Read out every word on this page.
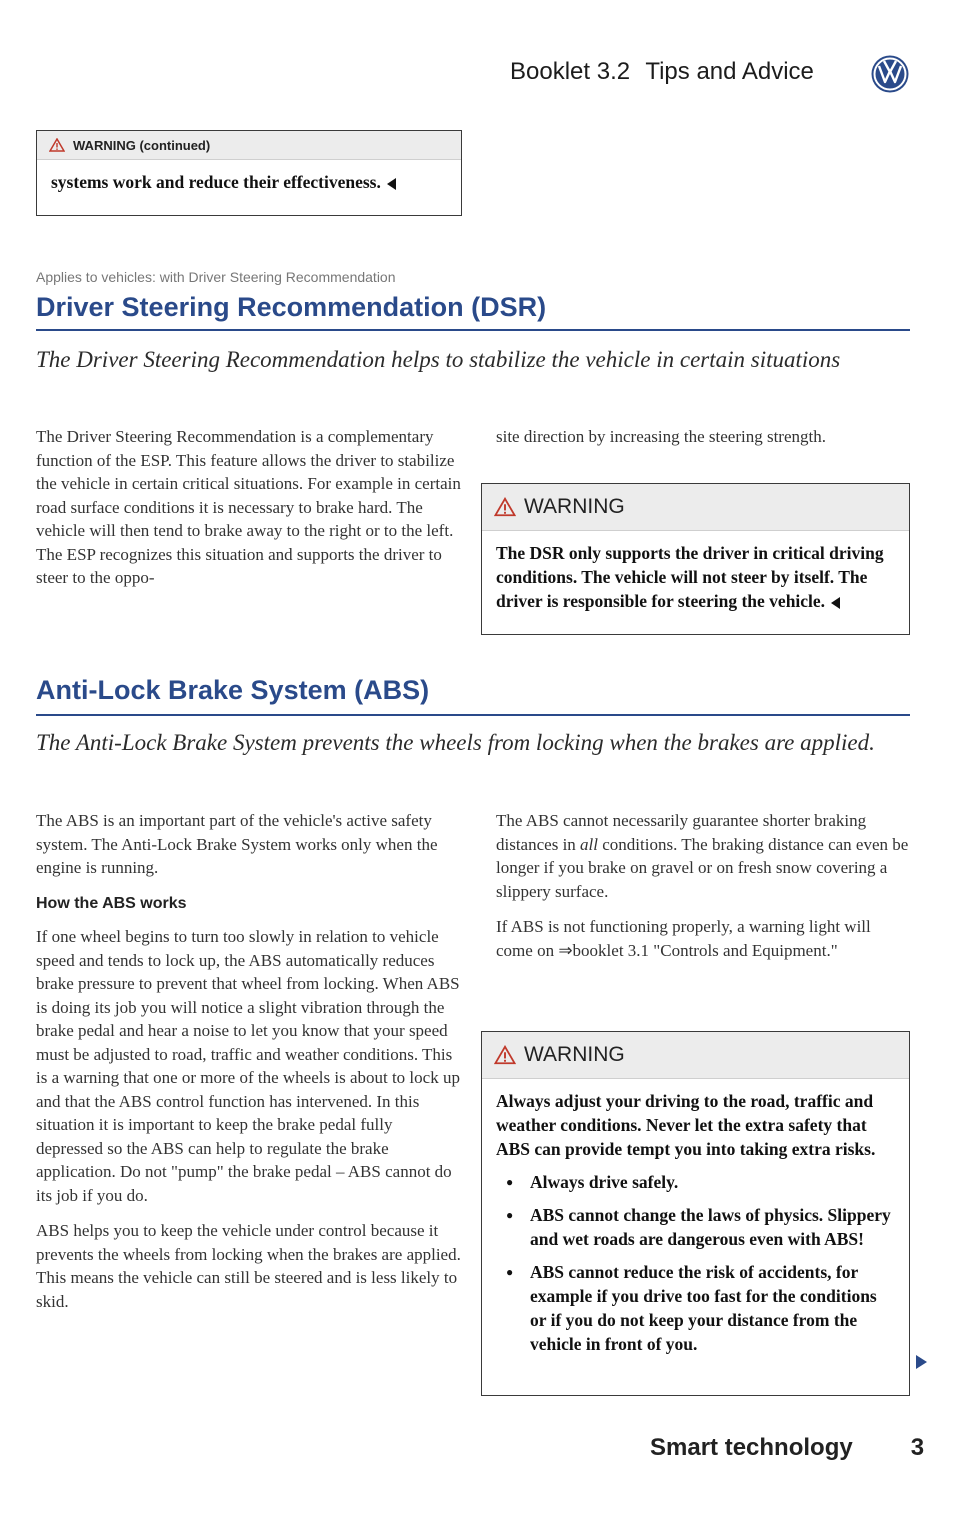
Booklet 3.2 Tips and Advice
WARNING (continued)
systems work and reduce their effectiveness.
Applies to vehicles: with Driver Steering Recommendation
Driver Steering Recommendation (DSR)
The Driver Steering Recommendation helps to stabilize the vehicle in certain situations

The Driver Steering Recommendation is a complementary function of the ESP. This feature allows the driver to stabilize the vehicle in certain critical situations. For example in certain road surface conditions it is necessary to brake hard. The vehicle will then tend to brake away to the right or to the left. The ESP recognizes this situation and supports the driver to steer to the oppo-

site direction by increasing the steering strength.

WARNING
The DSR only supports the driver in critical driving conditions. The vehicle will not steer by itself. The driver is responsible for steering the vehicle.
Anti-Lock Brake System (ABS)
The Anti-Lock Brake System prevents the wheels from locking when the brakes are applied.

The ABS is an important part of the vehicle's active safety system. The Anti-Lock Brake System works only when the engine is running.

How the ABS works

If one wheel begins to turn too slowly in relation to vehicle speed and tends to lock up, the ABS automatically reduces brake pressure to prevent that wheel from locking. When ABS is doing its job you will notice a slight vibration through the brake pedal and hear a noise to let you know that your speed must be adjusted to road, traffic and weather conditions. This is a warning that one or more of the wheels is about to lock up and that the ABS control function has intervened. In this situation it is important to keep the brake pedal fully depressed so the ABS can help to regulate the brake application. Do not "pump" the brake pedal – ABS cannot do its job if you do.

ABS helps you to keep the vehicle under control because it prevents the wheels from locking when the brakes are applied. This means the vehicle can still be steered and is less likely to skid.

The ABS cannot necessarily guarantee shorter braking distances in all conditions. The braking distance can even be longer if you brake on gravel or on fresh snow covering a slippery surface.

If ABS is not functioning properly, a warning light will come on ⇒booklet 3.1 "Controls and Equipment."

WARNING

Always adjust your driving to the road, traffic and weather conditions. Never let the extra safety that ABS can provide tempt you into taking extra risks.

● Always drive safely.
● ABS cannot change the laws of physics. Slippery and wet roads are dangerous even with ABS!
● ABS cannot reduce the risk of accidents, for example if you drive too fast for the conditions or if you do not keep your distance from the vehicle in front of you.
Smart technology 3
